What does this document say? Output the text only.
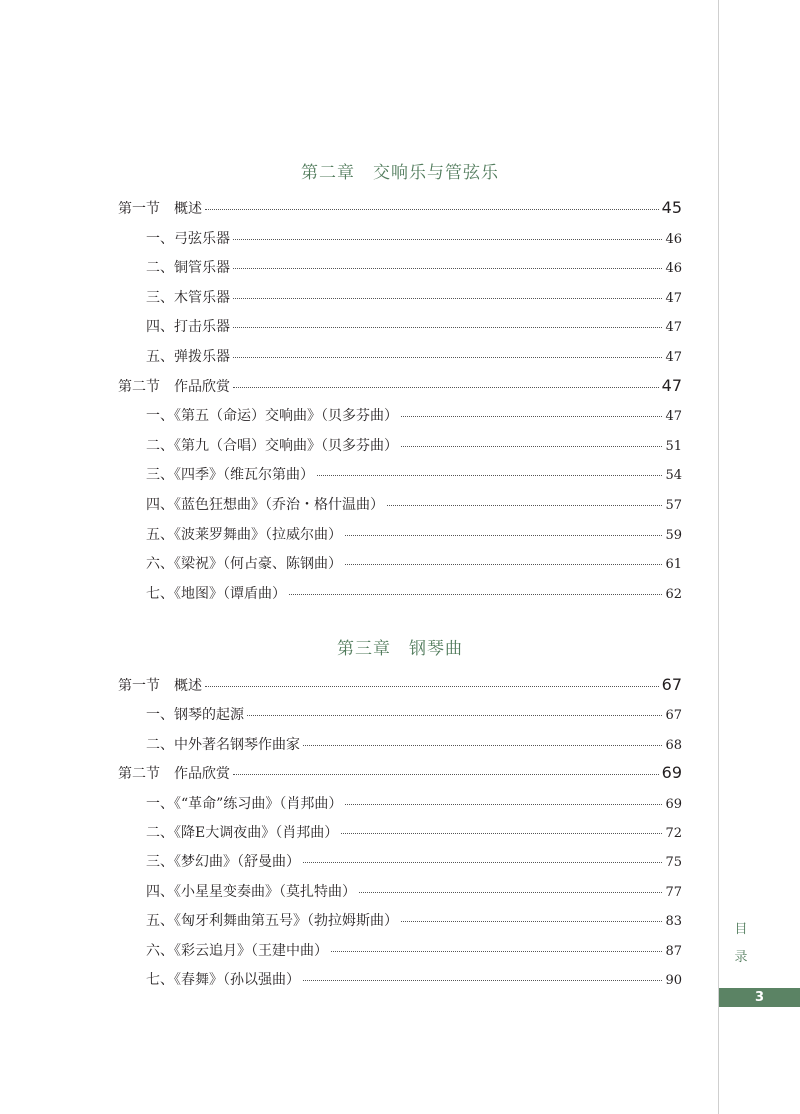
第二章　交响乐与管弦乐
第一节　概述	45
一、弓弦乐器	46
二、铜管乐器	46
三、木管乐器	47
四、打击乐器	47
五、弹拨乐器	47
第二节　作品欣赏	47
一、《第五（命运）交响曲》（贝多芬曲）	47
二、《第九（合唱）交响曲》（贝多芬曲）	51
三、《四季》（维瓦尔第曲）	54
四、《蓝色狂想曲》（乔治・格什温曲）	57
五、《波莱罗舞曲》（拉威尔曲）	59
六、《梁祝》（何占豪、陈钢曲）	61
七、《地图》（谭盾曲）	62
第三章　钢琴曲
第一节　概述	67
一、钢琴的起源	67
二、中外著名钢琴作曲家	68
第二节　作品欣赏	69
一、《“革命”练习曲》（肖邦曲）	69
二、《降E大调夜曲》（肖邦曲）	72
三、《梦幻曲》（舒曼曲）	75
四、《小星星变奏曲》（莫扎特曲）	77
五、《匈牙利舞曲第五号》（勃拉姆斯曲）	83
六、《彩云追月》（王建中曲）	87
七、《春舞》（孙以强曲）	90
目
录
3
